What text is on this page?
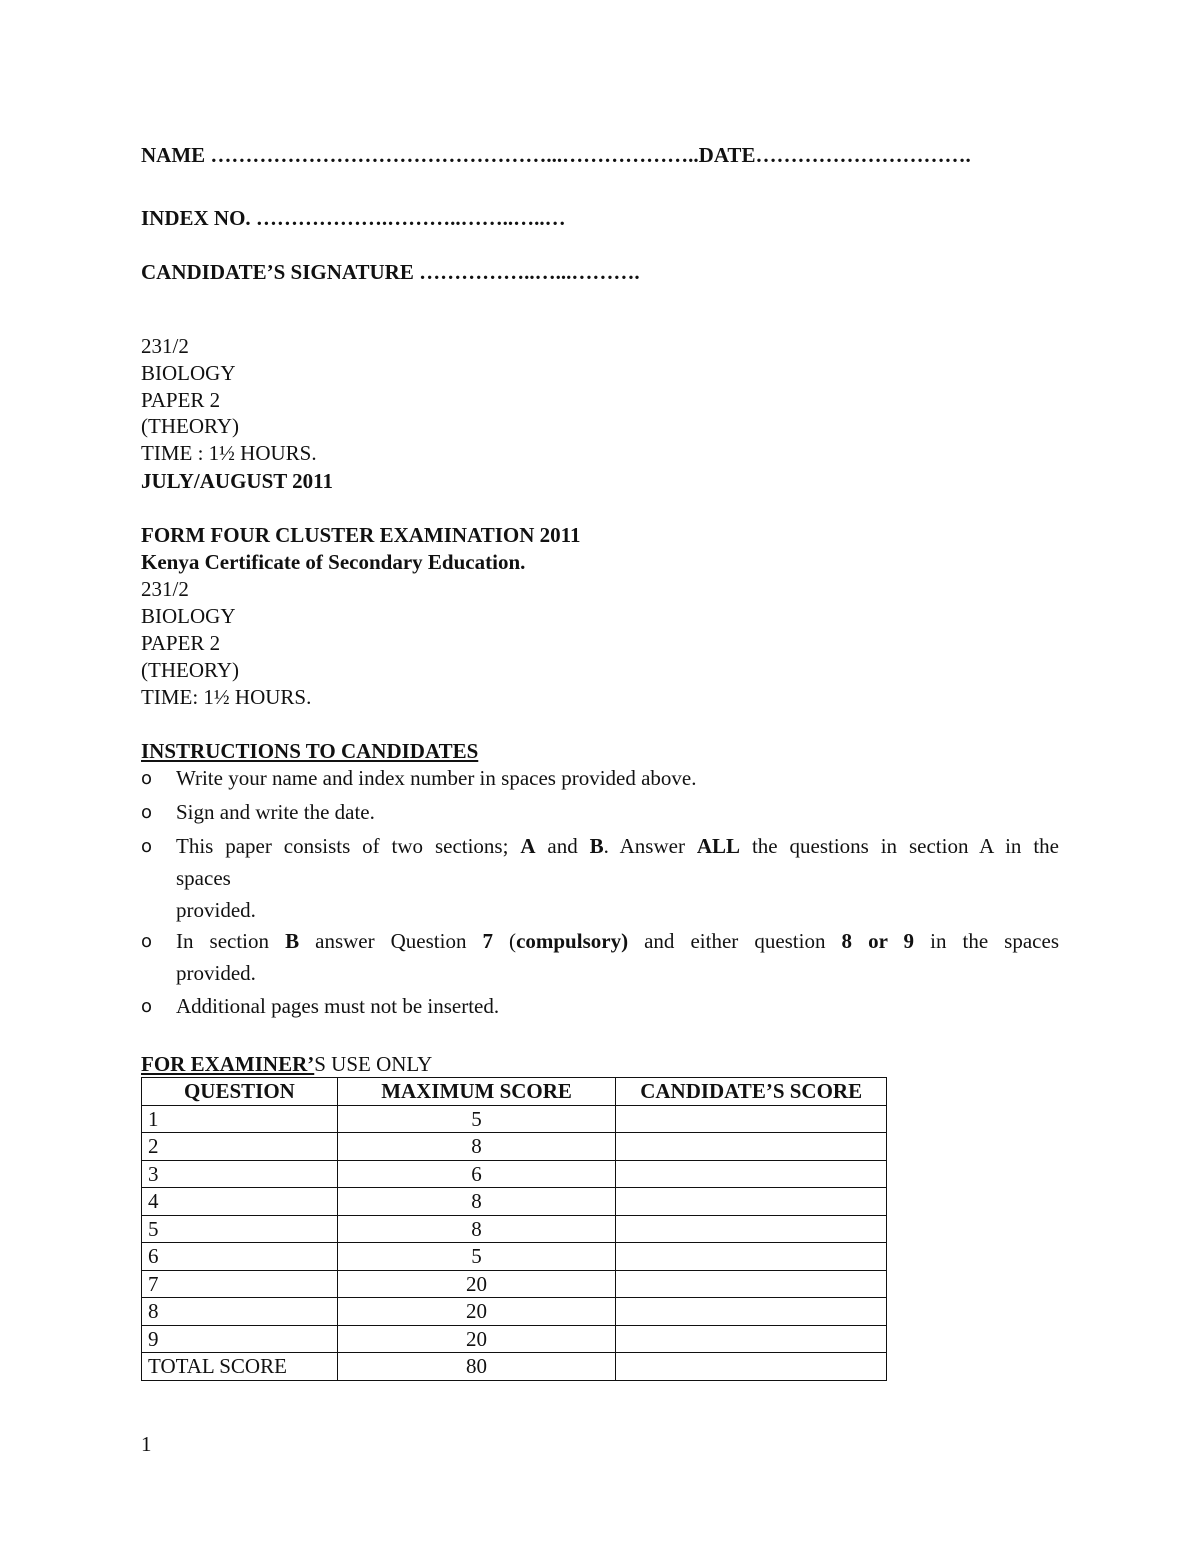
NAME …………………………………………...………………..DATE………………………….
INDEX NO. ……………….………..……..…..…
CANDIDATE’S SIGNATURE ……………..…...……….
231/2
BIOLOGY
PAPER 2
(THEORY)
TIME : 1½ HOURS.
JULY/AUGUST 2011
FORM FOUR CLUSTER EXAMINATION 2011
Kenya Certificate of Secondary Education.
231/2
BIOLOGY
PAPER 2
(THEORY)
TIME: 1½ HOURS.
INSTRUCTIONS TO CANDIDATES
o	Write your name and index number in spaces provided above.
o	Sign and write the date.
o	This paper consists of two sections; A and B. Answer ALL the questions in section A in the
spaces
provided.
o	In section B answer Question 7 (compulsory) and either question 8 or 9 in the spaces
provided.
o	Additional pages must not be inserted.
FOR EXAMINER’S USE ONLY
QUESTION	MAXIMUM SCORE	CANDIDATE’S SCORE
1	5	
2	8	
3	6	
4	8	
5	8	
6	5	
7	20	
8	20	
9	20	
TOTAL SCORE	80	
1
